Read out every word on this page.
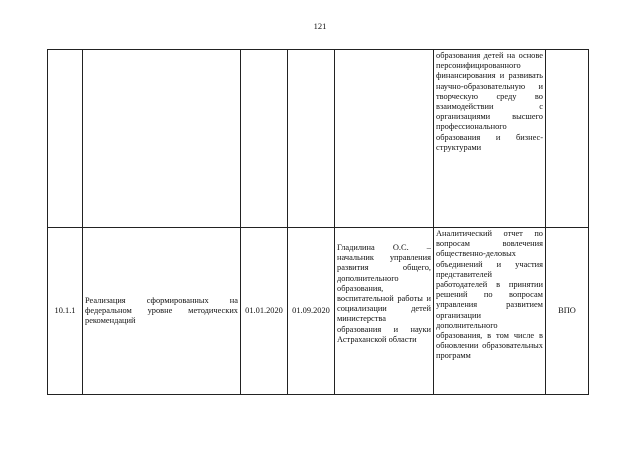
121
					образования детей на основе персонифицированного финансирования и развивать научно-образовательную и творческую среду во взаимодействии с организациями высшего профессионального образования и бизнес-структурами	
10.1.1	Реализация сформированных на федеральном уровне методических рекомендаций	01.01.2020	01.09.2020	Гладилина О.С. – начальник управления развития общего, дополнительного образования, воспитательной работы и социализации детей министерства образования и науки Астраханской области	Аналитический отчет по вопросам вовлечения общественно-деловых объединений и участия представителей работодателей в принятии решений по вопросам управления развитием организации дополнительного образования, в том числе в обновлении образовательных программ	ВПО
